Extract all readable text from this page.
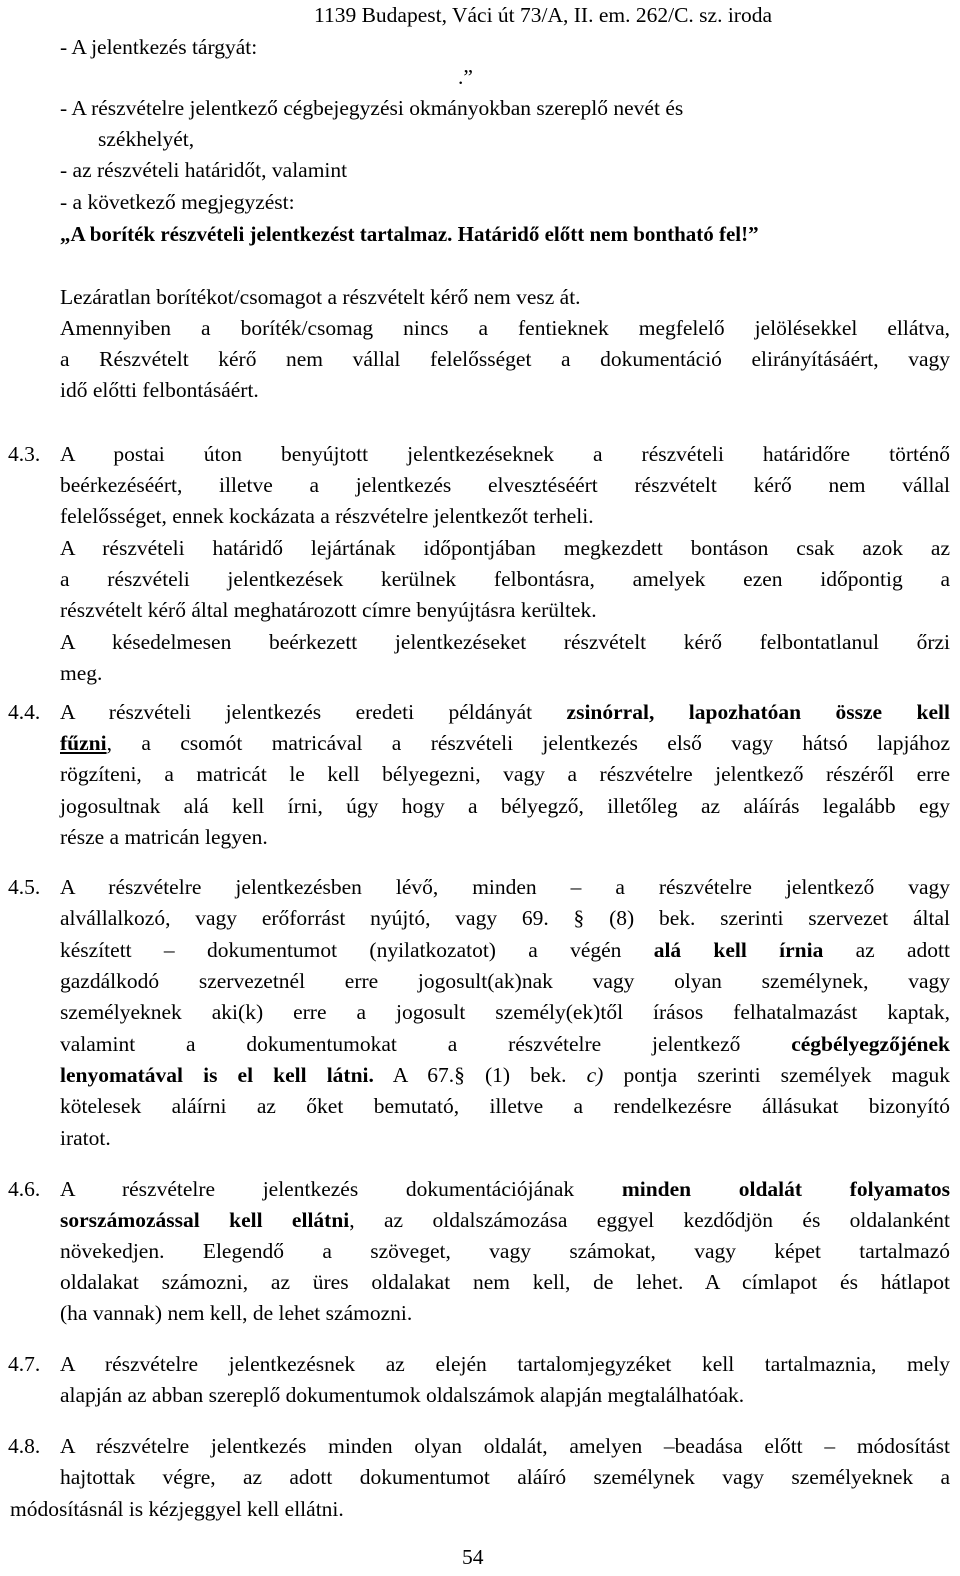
1139 Budapest, Váci út 73/A, II. em. 262/C. sz. iroda
- A jelentkezés tárgyát:
.”
- A részvételre jelentkező cégbejegyzési okmányokban szereplő nevét és
székhelyét,
- az részvételi határidőt, valamint
- a következő megjegyzést:
„A boríték részvételi jelentkezést tartalmaz. Határidő előtt nem bontható fel!”
Lezáratlan borítékot/csomagot a részvételt kérő nem vesz át.
Amennyiben a boríték/csomag nincs a fentieknek megfelelő jelölésekkel ellátva,
a Részvételt kérő nem vállal felelősséget a dokumentáció elirányításáért, vagy
idő előtti felbontásáért.
4.3. A postai úton benyújtott jelentkezéseknek a részvételi határidőre történő
beérkezéséért, illetve a jelentkezés elvesztéséért részvételt kérő nem vállal
felelősséget, ennek kockázata a részvételre jelentkezőt terheli.
A részvételi határidő lejártának időpontjában megkezdett bontáson csak azok az
a részvételi jelentkezések kerülnek felbontásra, amelyek ezen időpontig a
részvételt kérő által meghatározott címre benyújtásra kerültek.
A késedelmesen beérkezett jelentkezéseket részvételt kérő felbontatlanul őrzi
meg.
4.4. A részvételi jelentkezés eredeti példányát zsinórral, lapozhatóan össze kell
fűzni, a csomót matricával a részvételi jelentkezés első vagy hátsó lapjához
rögzíteni, a matricát le kell bélyegezni, vagy a részvételre jelentkező részéről erre
jogosultnak alá kell írni, úgy hogy a bélyegző, illetőleg az aláírás legalább egy
része a matricán legyen.
4.5. A részvételre jelentkezésben lévő, minden – a részvételre jelentkező vagy
alvállalkozó, vagy erőforrást nyújtó, vagy 69. § (8) bek. szerinti szervezet által
készített – dokumentumot (nyilatkozatot) a végén alá kell írnia az adott
gazdálkodó szervezetnél erre jogosult(ak)nak vagy olyan személynek, vagy
személyeknek aki(k) erre a jogosult személy(ek)től írásos felhatalmazást kaptak,
valamint a dokumentumokat a részvételre jelentkező cégbélyegzőjének
lenyomatával is el kell látni. A 67.§ (1) bek. c) pontja szerinti személyek maguk
kötelesek aláírni az őket bemutató, illetve a rendelkezésre állásukat bizonyító
iratot.
4.6. A részvételre jelentkezés dokumentációjának minden oldalát folyamatos
sorszámozással kell ellátni, az oldalszámozása eggyel kezdődjön és oldalanként
növekedjen. Elegendő a szöveget, vagy számokat, vagy képet tartalmazó
oldalakat számozni, az üres oldalakat nem kell, de lehet. A címlapot és hátlapot
(ha vannak) nem kell, de lehet számozni.
4.7. A részvételre jelentkezésnek az elején tartalomjegyzéket kell tartalmaznia, mely
alapján az abban szereplő dokumentumok oldalszámok alapján megtalálhatóak.
4.8. A részvételre jelentkezés minden olyan oldalát, amelyen –beadása előtt – módosítást
hajtottak végre, az adott dokumentumot aláíró személynek vagy személyeknek a
módosításnál is kézjeggyel kell ellátni.
54
